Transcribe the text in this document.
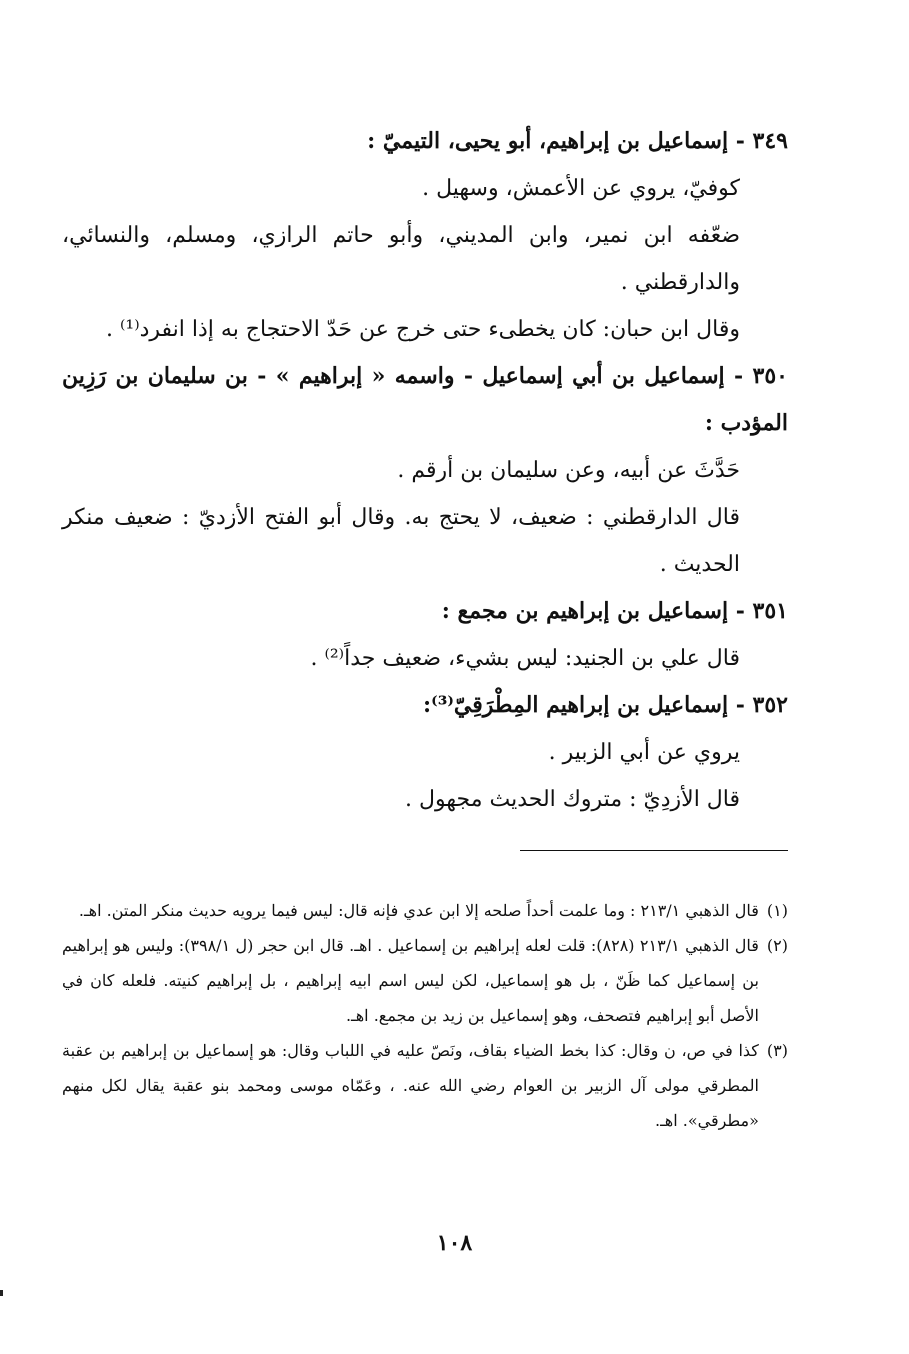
٣٤٩ - إسماعيل بن إبراهيم، أبو يحيى، التيميّ :

كوفيّ، يروي عن الأعمش، وسهيل .

ضعّفه ابن نمير، وابن المديني، وأبو حاتم الرازي، ومسلم، والنسائي، والدارقطني .

وقال ابن حبان: كان يخطىء حتى خرج عن حَدّ الاحتجاج به إذا انفرد⁽¹⁾ .

٣٥٠ - إسماعيل بن أبي إسماعيل - واسمه « إبراهيم » - بن سليمان بن رَزِين المؤدب :

حَدَّثَ عن أبيه، وعن سليمان بن أرقم .

قال الدارقطني : ضعيف، لا يحتج به. وقال أبو الفتح الأزديّ : ضعيف منكر الحديث .

٣٥١ - إسماعيل بن إبراهيم بن مجمع :

قال علي بن الجنيد: ليس بشيء، ضعيف جداً⁽²⁾ .

٣٥٢ - إسماعيل بن إبراهيم المِطْرَقِيّ⁽³⁾:

يروي عن أبي الزبير .

قال الأزدِيّ : متروك الحديث مجهول .

(١)
قال الذهبي ٢١٣/١ : وما علمت أحداً صلحه إلا ابن عدي فإنه قال: ليس فيما يرويه حديث منكر المتن. اهـ.
(٢)
قال الذهبي ٢١٣/١ (٨٢٨): قلت لعله إبراهيم بن إسماعيل . اهـ. قال ابن حجر (ل ٣٩٨/١): وليس هو إبراهيم بن إسماعيل كما ظَنّ ، بل هو إسماعيل، لكن ليس اسم ابيه إبراهيم ، بل إبراهيم كنيته. فلعله كان في الأصل أبو إبراهيم فتصحف، وهو إسماعيل بن زيد بن مجمع. اهـ.
(٣)
كذا في ص، ن وقال: كذا بخط الضياء بقاف، ونَصّ عليه في اللباب وقال: هو إسماعيل بن إبراهيم بن عقبة المطرقي مولى آل الزبير بن العوام رضي الله عنه. ، وعَمّاه موسى ومحمد بنو عقبة يقال لكل منهم «مطرقي». اهـ.
١٠٨
